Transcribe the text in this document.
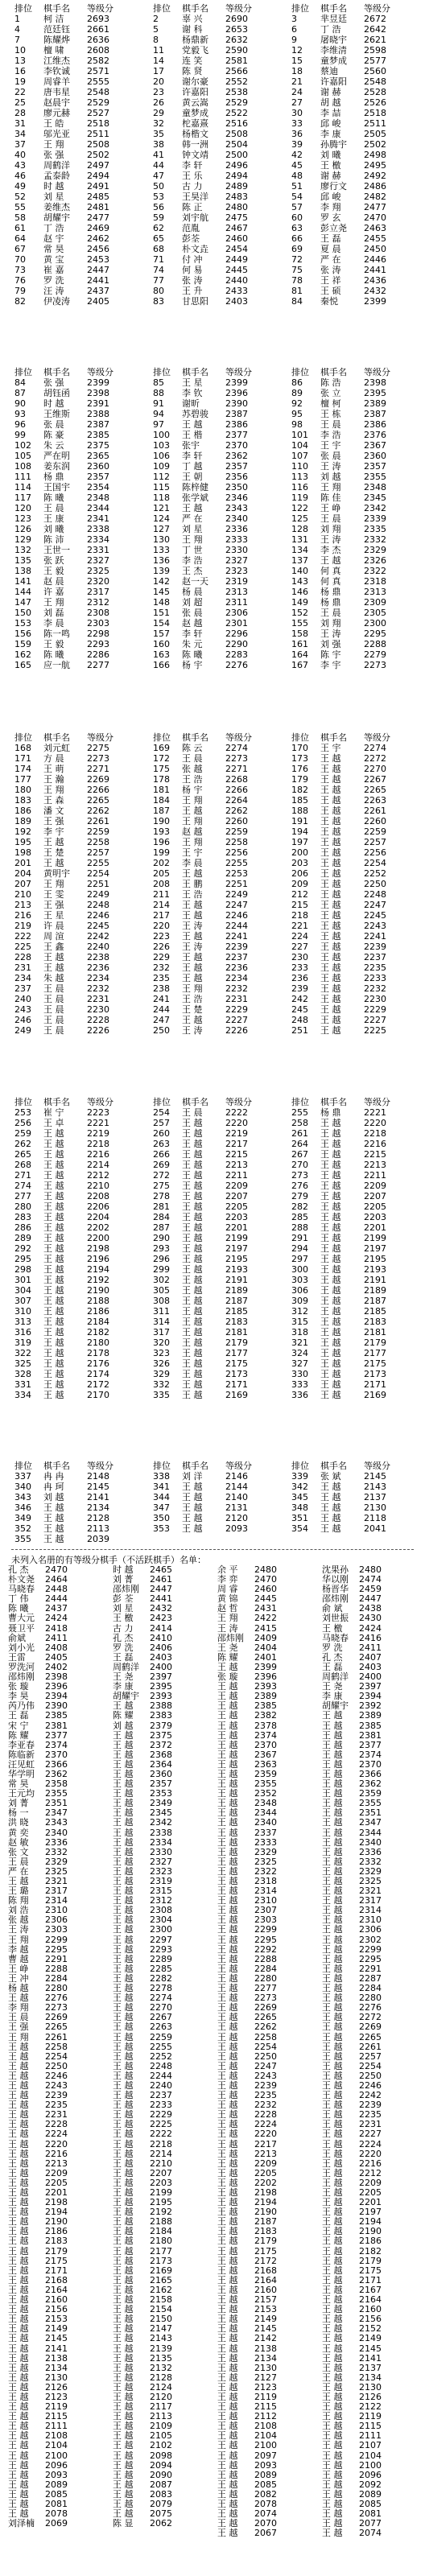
排位	棋手名	等级分
1	柯 洁	2693
4	范廷钰	2661
7	陈耀烨	2636
10	檀 啸	2608
13	江维杰	2582
16	李钦诚	2571
19	周睿羊	2555
22	唐韦星	2548
25	赵晨宇	2529
28	廖元赫	2527
31	王 皓	2518
34	邬光亚	2511
37	王 翔	2508
40	张 强	2502
43	周鹤洋	2497
46	孟泰龄	2494
49	时 越	2491
52	刘 星	2485
55	姜维杰	2481
58	胡耀宇	2477
61	丁 浩	2469
64	赵 宇	2462
67	常 昊	2456
70	黄 宝	2453
73	崔 嘉	2447
76	罗 洗	2441
79	汪 涛	2437
82	伊凌涛	2405
排位	棋手名	等级分
2	辜 兴	2690
5	谢 科	2653
8	杨鼎新	2632
11	党毅飞	2590
14	连 笑	2581
17	陈 贤	2566
20	谢尔豪	2552
23	许嘉阳	2538
26	黄云嵩	2529
29	童梦成	2522
32	柁嘉熹	2516
35	杨楷文	2508
38	韩一洲	2504
41	钟文靖	2500
44	李 轩	2496
47	王 乐	2494
50	古 力	2489
53	王昊洋	2483
56	陈 正	2480
59	刘宇航	2475
62	范胤	2467
65	彭荃	2460
68	朴文垚	2454
71	付 冲	2449
74	何 易	2445
77	张 涛	2440
80	王 升	2433
83	甘思阳	2403
排位	棋手名	等级分
3	芈昱廷	2672
6	丁 浩	2642
9	屠晓宇	2621
12	李维清	2598
15	童梦成	2577
18	蔡迪	2560
21	许嘉阳	2548
24	谢 赫	2528
27	胡 越	2526
30	李 喆	2518
33	邱 峻	2511
36	李 康	2505
39	孙腾宇	2502
42	刘 曦	2498
45	王 檄	2495
48	谢 赫	2492
51	廖行文	2486
54	邱 峻	2482
57	李 翔	2477
60	罗 玄	2470
63	彭立尧	2463
66	王 磊	2455
69	夏 晨	2450
72	严 在	2446
75	张 涛	2441
78	王 祥	2436
81	王 硕	2432
84	秦悦	2399
排位	棋手名	等级分
84	张 强	2399
87	胡钰函	2398
90	时 越	2391
93	王维斯	2388
96	张 晨	2387
99	陈 豪	2385
102	朱 云	2375
105	严在明	2365
108	姜东润	2360
111	杨 鼎	2357
114	王国宇	2354
117	陈 曦	2348
120	王 晨	2344
123	王 康	2341
126	刘 曦	2338
129	陈 沛	2334
132	王世一	2331
135	张 跃	2327
138	王 毅	2325
141	赵 晨	2320
144	许 嘉	2317
147	王 翔	2312
150	刘 磊	2308
153	李 晨	2303
156	陈一鸣	2298
159	王 毅	2293
162	陈 曦	2286
165	应一航	2277
排位	棋手名	等级分
85	王 星	2399
88	李 钦	2396
91	谢昕	2390
94	苏碧骏	2387
97	王 越	2386
100	王 楷	2377
103	张宇	2370
106	李 轩	2362
109	丁 越	2357
112	王 朝	2356
115	陈梓健	2350
118	张学斌	2346
121	王 越	2343
124	严 在	2340
127	刘 星	2336
130	王 翔	2333
133	丁 世	2330
136	李 浩	2327
139	王 杰	2323
142	赵一天	2319
145	杨 晨	2313
148	刘 超	2311
151	张 晨	2306
154	赵 越	2301
157	李 轩	2296
160	朱 元	2290
163	陈 曦	2283
166	杨 宇	2276
排位	棋手名	等级分
86	陈 浩	2398
89	张 立	2395
92	檀 柯	2389
95	王 栋	2387
98	王 晨	2386
101	李 浩	2376
104	王 宇	2367
107	张 晨	2360
110	王 涛	2357
113	刘 越	2355
116	王 翔	2348
119	陈 佳	2345
122	王 峥	2342
125	王 晨	2339
128	刘 翔	2335
131	王 涛	2332
134	李 杰	2329
137	王 越	2326
140	何 真	2322
143	何 真	2318
146	杨 鼎	2313
149	杨 鼎	2309
152	王 晨	2305
155	刘 翔	2300
158	王 涛	2295
161	刘 强	2288
164	陈 宇	2279
167	李 宇	2273
排位	棋手名	等级分
168	刘元虹	2275
171	方 晨	2273
174	王 萌	2271
177	王 瀚	2269
180	王 翔	2266
183	王 森	2265
186	潘 文	2262
189	王 强	2261
192	李 宇	2259
195	王 越	2258
198	王 楚	2257
201	王 越	2255
204	黄明宇	2254
207	王 翔	2251
210	王 雯	2249
213	王 强	2248
216	王 星	2246
219	许 晨	2245
222	周 渲	2242
225	王 鑫	2240
228	王 越	2238
231	王 越	2236
234	朱 越	2234
237	王 晨	2232
240	王 晨	2231
243	王 晨	2230
246	王 晨	2228
249	王 晨	2226
排位	棋手名	等级分
169	陈 云	2274
172	王 晨	2273
175	张 越	2271
178	王 浩	2268
181	杨 宇	2266
184	王 翔	2264
187	王 越	2262
190	王 翔	2260
193	赵 越	2259
196	王 翔	2258
199	王 宇	2256
202	李 晨	2255
205	王 越	2253
208	王 鹏	2251
211	王 浩	2249
214	王 越	2247
217	王 越	2246
220	王 涛	2244
223	王 越	2241
226	王 涛	2239
229	王 越	2237
232	王 越	2236
235	王 越	2234
238	王 翔	2232
241	王 浩	2231
244	王 楚	2229
247	王 越	2227
250	王 涛	2226
排位	棋手名	等级分
170	王 宇	2274
173	王 越	2272
176	王 越	2270
179	王 越	2267
182	王 越	2265
185	王 越	2263
188	王 越	2261
191	王 越	2260
194	王 越	2259
197	王 越	2257
200	王 越	2256
203	王 越	2254
206	王 越	2252
209	王 越	2250
212	王 越	2248
215	王 越	2247
218	王 越	2245
221	王 越	2243
224	王 越	2241
227	王 越	2239
230	王 越	2237
233	王 越	2235
236	王 越	2233
239	王 越	2232
242	王 越	2230
245	王 越	2229
248	王 越	2227
251	王 越	2225
排位	棋手名	等级分
253	崔 宁	2223
256	王 卓	2221
259	王 越	2219
262	王 越	2218
265	王 越	2216
268	王 越	2214
271	王 越	2212
274	王 越	2210
277	王 越	2208
280	王 越	2206
283	王 越	2204
286	王 越	2202
289	王 越	2200
292	王 越	2198
295	王 越	2196
298	王 越	2194
301	王 越	2192
304	王 越	2190
307	王 越	2188
310	王 越	2186
313	王 越	2184
316	王 越	2182
319	王 越	2180
322	王 越	2178
325	王 越	2176
328	王 越	2174
331	王 越	2172
334	王 越	2170
排位	棋手名	等级分
254	王 晨	2222
257	王 越	2220
260	王 越	2219
263	王 越	2217
266	王 越	2215
269	王 越	2213
272	王 越	2211
275	王 越	2209
278	王 越	2207
281	王 越	2205
284	王 越	2203
287	王 越	2201
290	王 越	2199
293	王 越	2197
296	王 越	2195
299	王 越	2193
302	王 越	2191
305	王 越	2189
308	王 越	2187
311	王 越	2185
314	王 越	2183
317	王 越	2181
320	王 越	2179
323	王 越	2177
326	王 越	2175
329	王 越	2173
332	王 越	2171
335	王 越	2169
排位	棋手名	等级分
255	杨 鼎	2221
258	王 越	2220
261	王 越	2218
264	王 越	2216
267	王 越	2215
270	王 越	2213
273	王 越	2211
276	王 越	2209
279	王 越	2207
282	王 越	2205
285	王 越	2203
288	王 越	2201
291	王 越	2199
294	王 越	2197
297	王 越	2195
300	王 越	2193
303	王 越	2191
306	王 越	2189
309	王 越	2187
312	王 越	2185
315	王 越	2183
318	王 越	2181
321	王 越	2179
324	王 越	2177
327	王 越	2175
330	王 越	2173
333	王 越	2171
336	王 越	2169
排位	棋手名	等级分
337	冉 冉	2148
340	冉 珂	2145
343	刘 越	2141
346	王 越	2134
349	王 越	2128
352	王 越	2113
355	王 越	2039
排位	棋手名	等级分
338	刘 洋	2146
341	王 越	2144
344	王 越	2140
347	王 越	2131
350	王 越	2120
353	王 越	2093
排位	棋手名	等级分
339	张 斌	2145
342	王 越	2143
345	王 越	2137
348	王 越	2130
351	王 越	2118
354	王 越	2041
未列入名册的有等级分棋手（不活跃棋手）名单：
孔 杰 2470
朴文尧 2464
马晓春 2448
丁 伟 2444
陈 曦 2437
曹大元 2424
聂卫平 2418
俞斌 2411
刘小光 2408
王雷 2405
罗洗河 2402
邵炜刚 2398
张 璇 2396
李 昊 2394
芮乃伟 2390
王 磊 2385
宋 宁 2381
陈 耀 2377
李亚春 2374
陈临新 2370
汪见虹 2366
华学明 2362
常 昊 2358
王元均 2355
刘 菁 2351
杨 一 2347
洪 晓 2343
黄 奕 2340
赵 敏 2336
张 文 2332
王 晨 2329
严 在 2325
王 越 2321
王 璐 2317
陈 翔 2314
刘 浩 2310
张 越 2306
王 涛 2303
王 翔 2299
李 越 2295
曹 越 2291
王 峥 2288
王 冲 2284
杨 越 2280
王 越 2276
李 翔 2273
王 晨 2269
王 强 2265
王 翔 2261
王 越 2258
王 越 2254
王 越 2250
王 越 2246
王 越 2243
王 越 2239
王 越 2235
王 越 2231
王 越 2228
王 越 2224
王 越 2220
王 越 2216
王 越 2213
王 越 2209
王 越 2205
王 越 2201
王 越 2198
王 越 2194
王 越 2190
王 越 2186
王 越 2183
王 越 2179
王 越 2175
王 越 2171
王 越 2168
王 越 2164
王 越 2160
王 越 2156
王 越 2153
王 越 2149
王 越 2145
王 越 2141
王 越 2138
王 越 2134
王 越 2130
王 越 2126
王 越 2123
王 越 2119
王 越 2115
王 越 2111
王 越 2108
王 越 2104
王 越 2100
王 越 2096
王 越 2093
王 越 2089
王 越 2085
王 越 2081
王 越 2078
刘泽楠 2069
时 越 2465
刘 菁 2461
邵炜刚 2447
彭 荃 2441
刘 星 2432
王 檄 2423
古 力 2414
孔 杰 2410
罗 洗 2406
王 磊 2403
周鹤洋 2400
王 尧 2397
李 康 2395
胡耀宇 2393
王 越 2388
陈 耀 2383
刘 越 2379
王 越 2375
王 越 2372
王 越 2368
王 越 2364
王 越 2360
王 越 2357
王 越 2353
王 越 2349
王 越 2345
王 越 2342
王 越 2338
王 越 2334
王 越 2330
王 越 2327
王 越 2323
王 越 2319
王 越 2315
王 越 2312
王 越 2308
王 越 2304
王 越 2300
王 越 2297
王 越 2293
王 越 2289
王 越 2285
王 越 2282
王 越 2278
王 越 2274
王 越 2270
王 越 2267
王 越 2263
王 越 2259
王 越 2255
王 越 2252
王 越 2248
王 越 2244
王 越 2240
王 越 2237
王 越 2233
王 越 2229
王 越 2225
王 越 2222
王 越 2218
王 越 2214
王 越 2210
王 越 2207
王 越 2203
王 越 2199
王 越 2195
王 越 2192
王 越 2188
王 越 2184
王 越 2180
王 越 2177
王 越 2173
王 越 2169
王 越 2165
王 越 2162
王 越 2158
王 越 2154
王 越 2150
王 越 2147
王 越 2143
王 越 2139
王 越 2135
王 越 2132
王 越 2128
王 越 2124
王 越 2120
王 越 2117
王 越 2113
王 越 2109
王 越 2105
王 越 2102
王 越 2098
王 越 2094
王 越 2090
王 越 2087
王 越 2083
王 越 2079
王 越 2075
陈 显 2062
余 平 2480
李 弈 2470
周 睿 2460
黄 锦 2445
赵 哲 2431
王 翔 2422
王 涛 2415
邵炜刚 2409
王 尧 2404
陈 耀 2401
王 越 2399
张 璇 2396
王 越 2393
王 越 2389
王 越 2385
王 越 2382
王 越 2378
王 越 2374
王 越 2370
王 越 2367
王 越 2363
王 越 2359
王 越 2355
王 越 2352
王 越 2348
王 越 2344
王 越 2340
王 越 2337
王 越 2333
王 越 2329
王 越 2325
王 越 2322
王 越 2318
王 越 2314
王 越 2310
王 越 2307
王 越 2303
王 越 2299
王 越 2295
王 越 2292
王 越 2288
王 越 2284
王 越 2280
王 越 2277
王 越 2273
王 越 2269
王 越 2265
王 越 2262
王 越 2258
王 越 2254
王 越 2250
王 越 2247
王 越 2243
王 越 2239
王 越 2235
王 越 2232
王 越 2228
王 越 2224
王 越 2220
王 越 2217
王 越 2213
王 越 2209
王 越 2205
王 越 2202
王 越 2198
王 越 2194
王 越 2190
王 越 2187
王 越 2183
王 越 2179
王 越 2175
王 越 2172
王 越 2168
王 越 2164
王 越 2160
王 越 2157
王 越 2153
王 越 2149
王 越 2145
王 越 2142
王 越 2138
王 越 2134
王 越 2130
王 越 2127
王 越 2123
王 越 2119
王 越 2115
王 越 2112
王 越 2108
王 越 2104
王 越 2100
王 越 2097
王 越 2093
王 越 2089
王 越 2085
王 越 2082
王 越 2078
王 越 2074
王 越 2070
王 越 2067
沈果孙 2480
华以刚 2474
杨晋华 2459
邵炜刚 2447
俞 斌 2438
刘世振 2430
王 檄 2424
马晓春 2416
罗 洗 2411
孔 杰 2407
王 磊 2403
周鹤洋 2400
王 尧 2397
李 康 2394
胡耀宇 2392
王 越 2389
王 越 2385
王 越 2381
王 越 2377
王 越 2374
王 越 2370
王 越 2366
王 越 2362
王 越 2359
王 越 2355
王 越 2351
王 越 2347
王 越 2344
王 越 2340
王 越 2336
王 越 2332
王 越 2329
王 越 2325
王 越 2321
王 越 2317
王 越 2314
王 越 2310
王 越 2306
王 越 2302
王 越 2299
王 越 2295
王 越 2291
王 越 2287
王 越 2284
王 越 2280
王 越 2276
王 越 2272
王 越 2269
王 越 2265
王 越 2261
王 越 2257
王 越 2254
王 越 2250
王 越 2246
王 越 2242
王 越 2239
王 越 2235
王 越 2231
王 越 2227
王 越 2224
王 越 2220
王 越 2216
王 越 2212
王 越 2209
王 越 2205
王 越 2201
王 越 2197
王 越 2194
王 越 2190
王 越 2186
王 越 2182
王 越 2179
王 越 2175
王 越 2171
王 越 2167
王 越 2164
王 越 2160
王 越 2156
王 越 2152
王 越 2149
王 越 2145
王 越 2141
王 越 2137
王 越 2134
王 越 2130
王 越 2126
王 越 2122
王 越 2119
王 越 2115
王 越 2111
王 越 2107
王 越 2104
王 越 2100
王 越 2096
王 越 2092
王 越 2089
王 越 2085
王 越 2081
王 越 2077
王 越 2074
